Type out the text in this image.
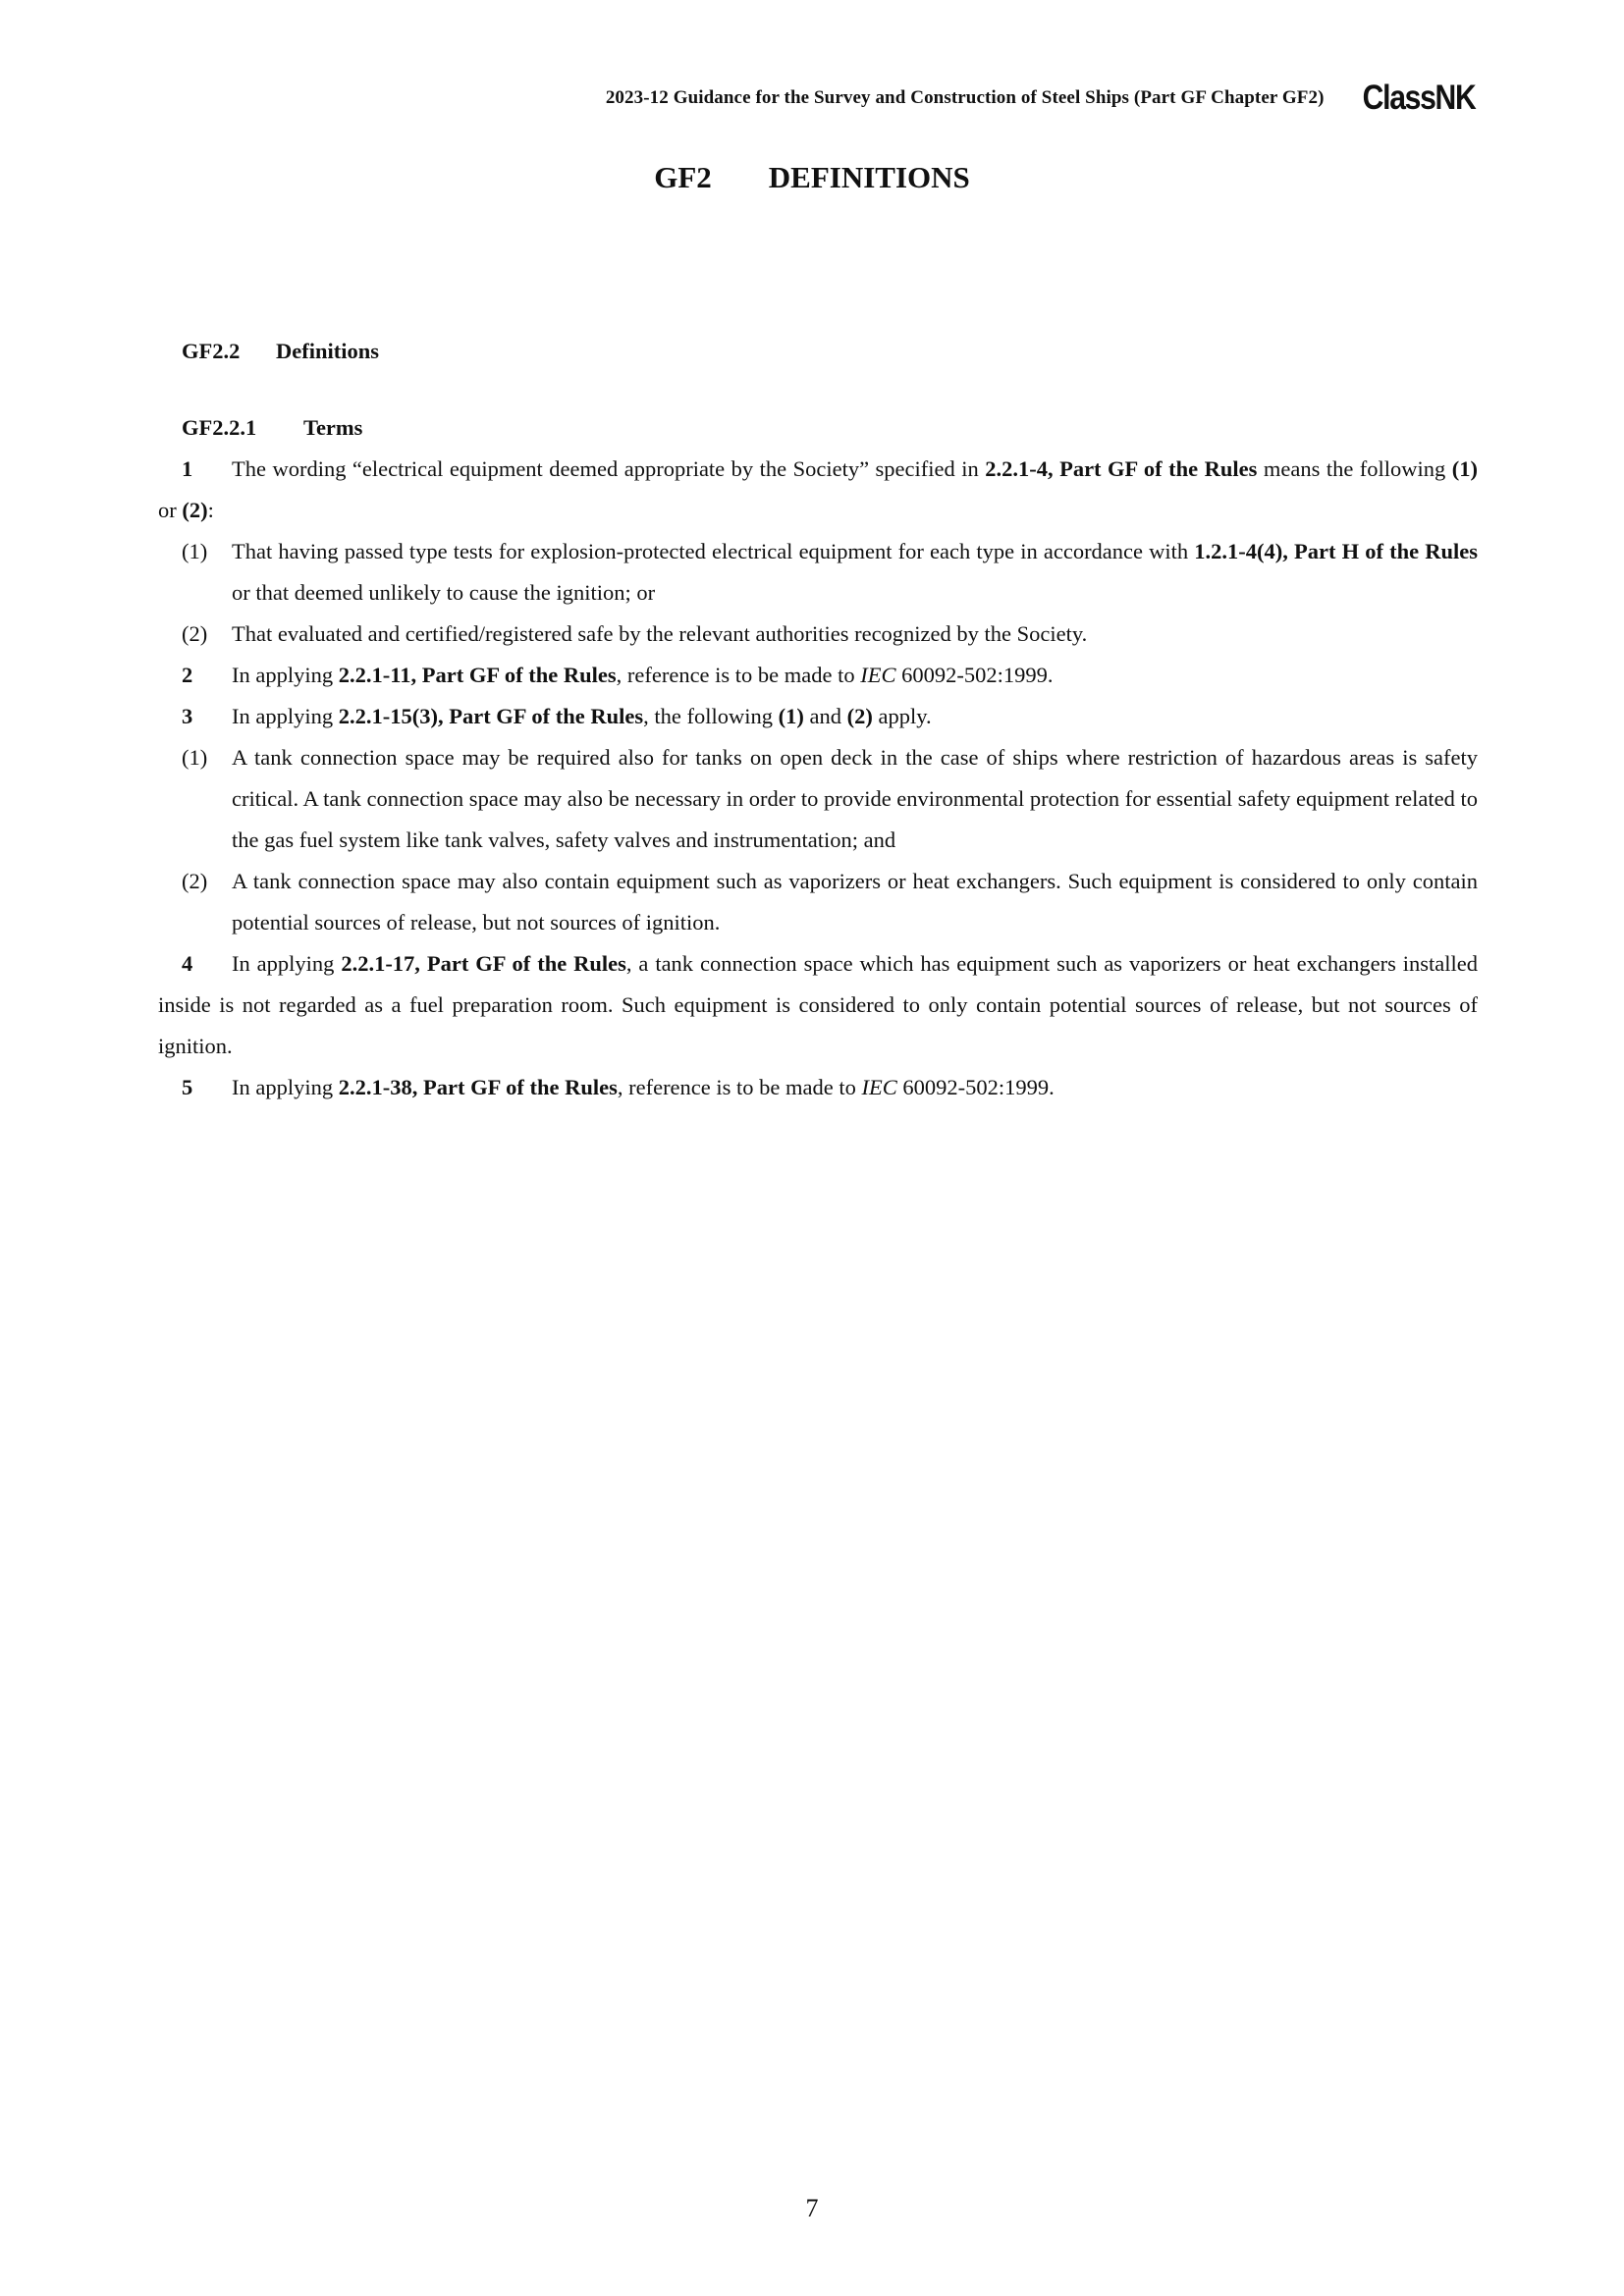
2023-12 Guidance for the Survey and Construction of Steel Ships (Part GF Chapter GF2) ClassNK
GF2 DEFINITIONS
GF2.2 Definitions
GF2.2.1 Terms
1 The wording “electrical equipment deemed appropriate by the Society” specified in 2.2.1-4, Part GF of the Rules means the following (1) or (2):
(1) That having passed type tests for explosion-protected electrical equipment for each type in accordance with 1.2.1-4(4), Part H of the Rules or that deemed unlikely to cause the ignition; or
(2) That evaluated and certified/registered safe by the relevant authorities recognized by the Society.
2 In applying 2.2.1-11, Part GF of the Rules, reference is to be made to IEC 60092-502:1999.
3 In applying 2.2.1-15(3), Part GF of the Rules, the following (1) and (2) apply.
(1) A tank connection space may be required also for tanks on open deck in the case of ships where restriction of hazardous areas is safety critical. A tank connection space may also be necessary in order to provide environmental protection for essential safety equipment related to the gas fuel system like tank valves, safety valves and instrumentation; and
(2) A tank connection space may also contain equipment such as vaporizers or heat exchangers. Such equipment is considered to only contain potential sources of release, but not sources of ignition.
4 In applying 2.2.1-17, Part GF of the Rules, a tank connection space which has equipment such as vaporizers or heat exchangers installed inside is not regarded as a fuel preparation room. Such equipment is considered to only contain potential sources of release, but not sources of ignition.
5 In applying 2.2.1-38, Part GF of the Rules, reference is to be made to IEC 60092-502:1999.
7
